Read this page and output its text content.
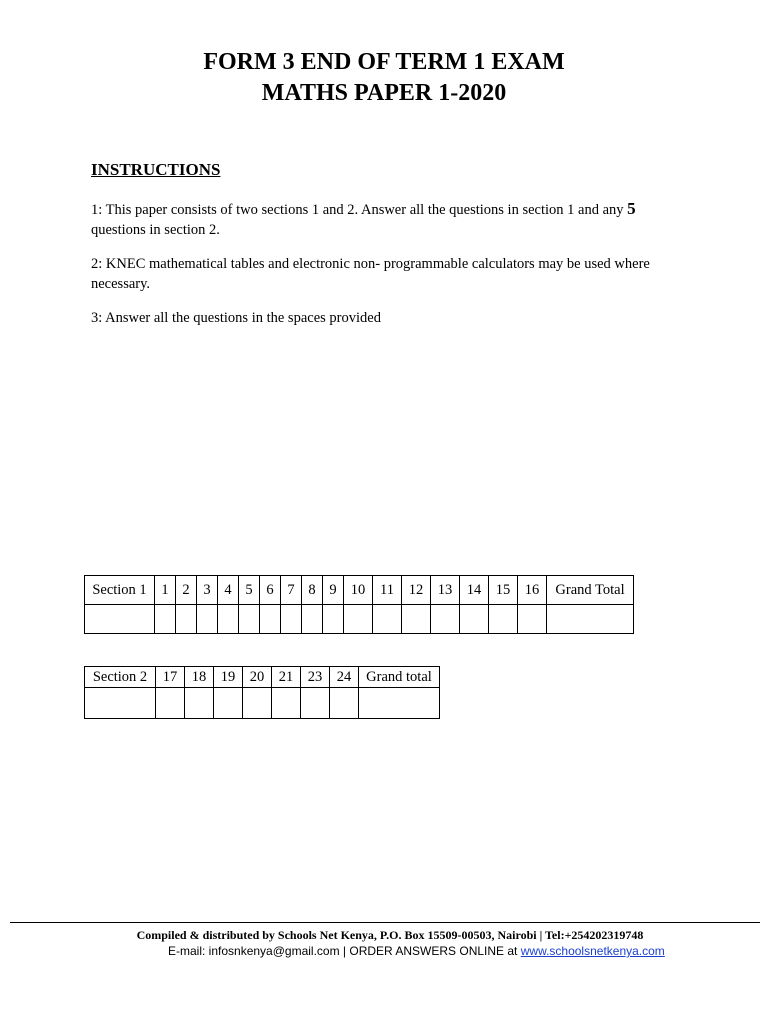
FORM 3 END OF TERM 1 EXAM
MATHS PAPER 1-2020
INSTRUCTIONS
1: This paper consists of two sections 1 and 2. Answer all the questions in section 1 and any 5 questions in section 2.
2: KNEC mathematical tables and electronic non- programmable calculators may be used where necessary.
3: Answer all the questions in the spaces provided
Section 1	1	2	3	4	5	6	7	8	9	10	11	12	13	14	15	16	Grand Total

Section 2	17	18	19	20	21	23	24	Grand total

Compiled & distributed by Schools Net Kenya, P.O. Box 15509-00503, Nairobi | Tel:+254202319748
E-mail: infosnkenya@gmail.com | ORDER ANSWERS ONLINE at www.schoolsnetkenya.com
